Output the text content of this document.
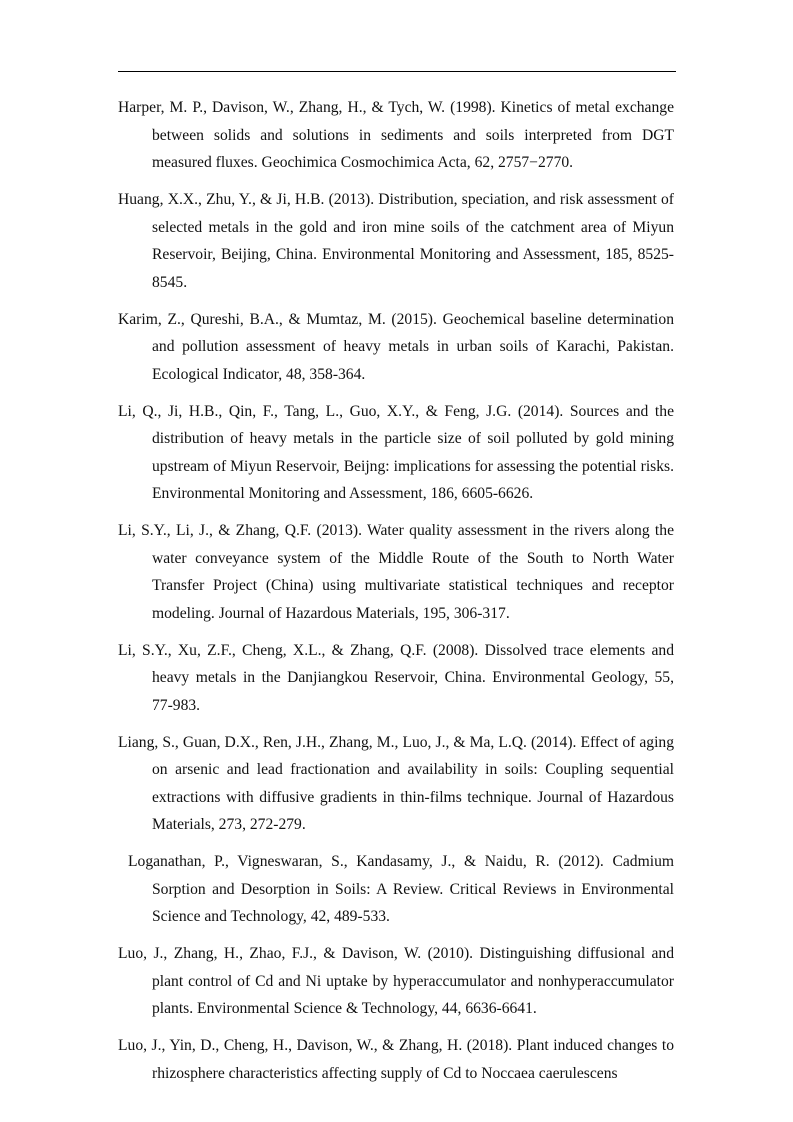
Harper, M. P., Davison, W., Zhang, H., & Tych, W. (1998). Kinetics of metal exchange between solids and solutions in sediments and soils interpreted from DGT measured fluxes. Geochimica Cosmochimica Acta, 62, 2757−2770.
Huang, X.X., Zhu, Y., & Ji, H.B. (2013). Distribution, speciation, and risk assessment of selected metals in the gold and iron mine soils of the catchment area of Miyun Reservoir, Beijing, China. Environmental Monitoring and Assessment, 185, 8525-8545.
Karim, Z., Qureshi, B.A., & Mumtaz, M. (2015). Geochemical baseline determination and pollution assessment of heavy metals in urban soils of Karachi, Pakistan. Ecological Indicator, 48, 358-364.
Li, Q., Ji, H.B., Qin, F., Tang, L., Guo, X.Y., & Feng, J.G. (2014). Sources and the distribution of heavy metals in the particle size of soil polluted by gold mining upstream of Miyun Reservoir, Beijng: implications for assessing the potential risks. Environmental Monitoring and Assessment, 186, 6605-6626.
Li, S.Y., Li, J., & Zhang, Q.F. (2013). Water quality assessment in the rivers along the water conveyance system of the Middle Route of the South to North Water Transfer Project (China) using multivariate statistical techniques and receptor modeling. Journal of Hazardous Materials, 195, 306-317.
Li, S.Y., Xu, Z.F., Cheng, X.L., & Zhang, Q.F. (2008). Dissolved trace elements and heavy metals in the Danjiangkou Reservoir, China. Environmental Geology, 55, 77-983.
Liang, S., Guan, D.X., Ren, J.H., Zhang, M., Luo, J., & Ma, L.Q. (2014). Effect of aging on arsenic and lead fractionation and availability in soils: Coupling sequential extractions with diffusive gradients in thin-films technique. Journal of Hazardous Materials, 273, 272-279.
Loganathan, P., Vigneswaran, S., Kandasamy, J., & Naidu, R. (2012). Cadmium Sorption and Desorption in Soils: A Review. Critical Reviews in Environmental Science and Technology, 42, 489-533.
Luo, J., Zhang, H., Zhao, F.J., & Davison, W. (2010). Distinguishing diffusional and plant control of Cd and Ni uptake by hyperaccumulator and nonhyperaccumulator plants. Environmental Science & Technology, 44, 6636-6641.
Luo, J., Yin, D., Cheng, H., Davison, W., & Zhang, H. (2018). Plant induced changes to rhizosphere characteristics affecting supply of Cd to Noccaea caerulescens
